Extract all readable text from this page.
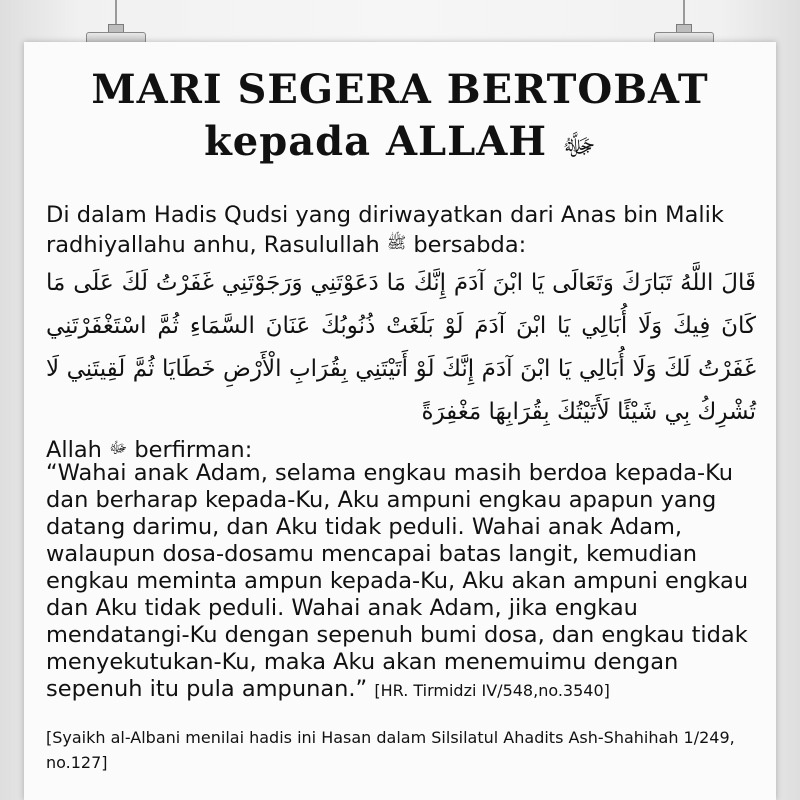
MARI SEGERA BERTOBAT
kepada ALLAH ﷻ
Di dalam Hadis Qudsi yang diriwayatkan dari Anas bin Malik radhiyallahu anhu, Rasulullah ﷺ bersabda:
قَالَ اللَّهُ تَبَارَكَ وَتَعَالَى يَا ابْنَ آدَمَ إِنَّكَ مَا دَعَوْتَنِي وَرَجَوْتَنِي غَفَرْتُ لَكَ عَلَى مَا كَانَ فِيكَ وَلَا أُبَالِي يَا ابْنَ آدَمَ لَوْ بَلَغَتْ ذُنُوبُكَ عَنَانَ السَّمَاءِ ثُمَّ اسْتَغْفَرْتَنِي غَفَرْتُ لَكَ وَلَا أُبَالِي يَا ابْنَ آدَمَ إِنَّكَ لَوْ أَتَيْتَنِي بِقُرَابِ الْأَرْضِ خَطَايَا ثُمَّ لَقِيتَنِي لَا تُشْرِكُ بِي شَيْئًا لَأَتَيْتُكَ بِقُرَابِهَا مَغْفِرَةً
Allah ﷻ berfirman:
“Wahai anak Adam, selama engkau masih berdoa kepada-Ku dan berharap kepada-Ku, Aku ampuni engkau apapun yang datang darimu, dan Aku tidak peduli. Wahai anak Adam, walaupun dosa-dosamu mencapai batas langit, kemudian engkau meminta ampun kepada-Ku, Aku akan ampuni engkau dan Aku tidak peduli. Wahai anak Adam, jika engkau mendatangi-Ku dengan sepenuh bumi dosa, dan engkau tidak menyekutukan-Ku, maka Aku akan menemuimu dengan sepenuh itu pula ampunan.” [HR. Tirmidzi IV/548,no.3540]
[Syaikh al-Albani menilai hadis ini Hasan dalam Silsilatul Ahadits Ash-Shahihah 1/249, no.127]
